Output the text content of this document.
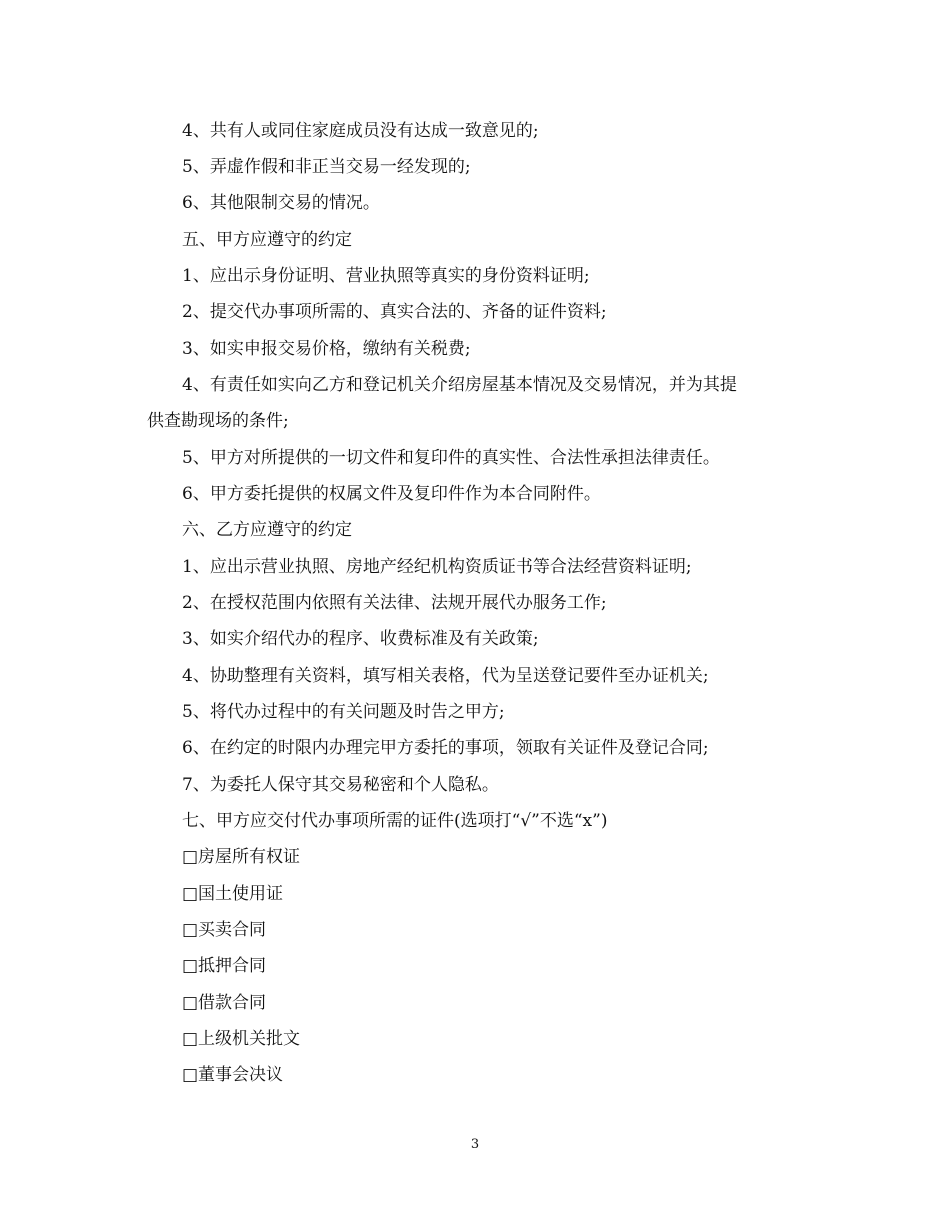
4、共有人或同住家庭成员没有达成一致意见的;
5、弄虚作假和非正当交易一经发现的;
6、其他限制交易的情况。
五、甲方应遵守的约定
1、应出示身份证明、营业执照等真实的身份资料证明;
2、提交代办事项所需的、真实合法的、齐备的证件资料;
3、如实申报交易价格，缴纳有关税费;
4、有责任如实向乙方和登记机关介绍房屋基本情况及交易情况，并为其提
供查勘现场的条件;
5、甲方对所提供的一切文件和复印件的真实性、合法性承担法律责任。
6、甲方委托提供的权属文件及复印件作为本合同附件。
六、乙方应遵守的约定
1、应出示营业执照、房地产经纪机构资质证书等合法经营资料证明;
2、在授权范围内依照有关法律、法规开展代办服务工作;
3、如实介绍代办的程序、收费标准及有关政策;
4、协助整理有关资料，填写相关表格，代为呈送登记要件至办证机关;
5、将代办过程中的有关问题及时告之甲方;
6、在约定的时限内办理完甲方委托的事项，领取有关证件及登记合同;
7、为委托人保守其交易秘密和个人隐私。
七、甲方应交付代办事项所需的证件(选项打“√”不选“x”)
□房屋所有权证
□国土使用证
□买卖合同
□抵押合同
□借款合同
□上级机关批文
□董事会决议
3
